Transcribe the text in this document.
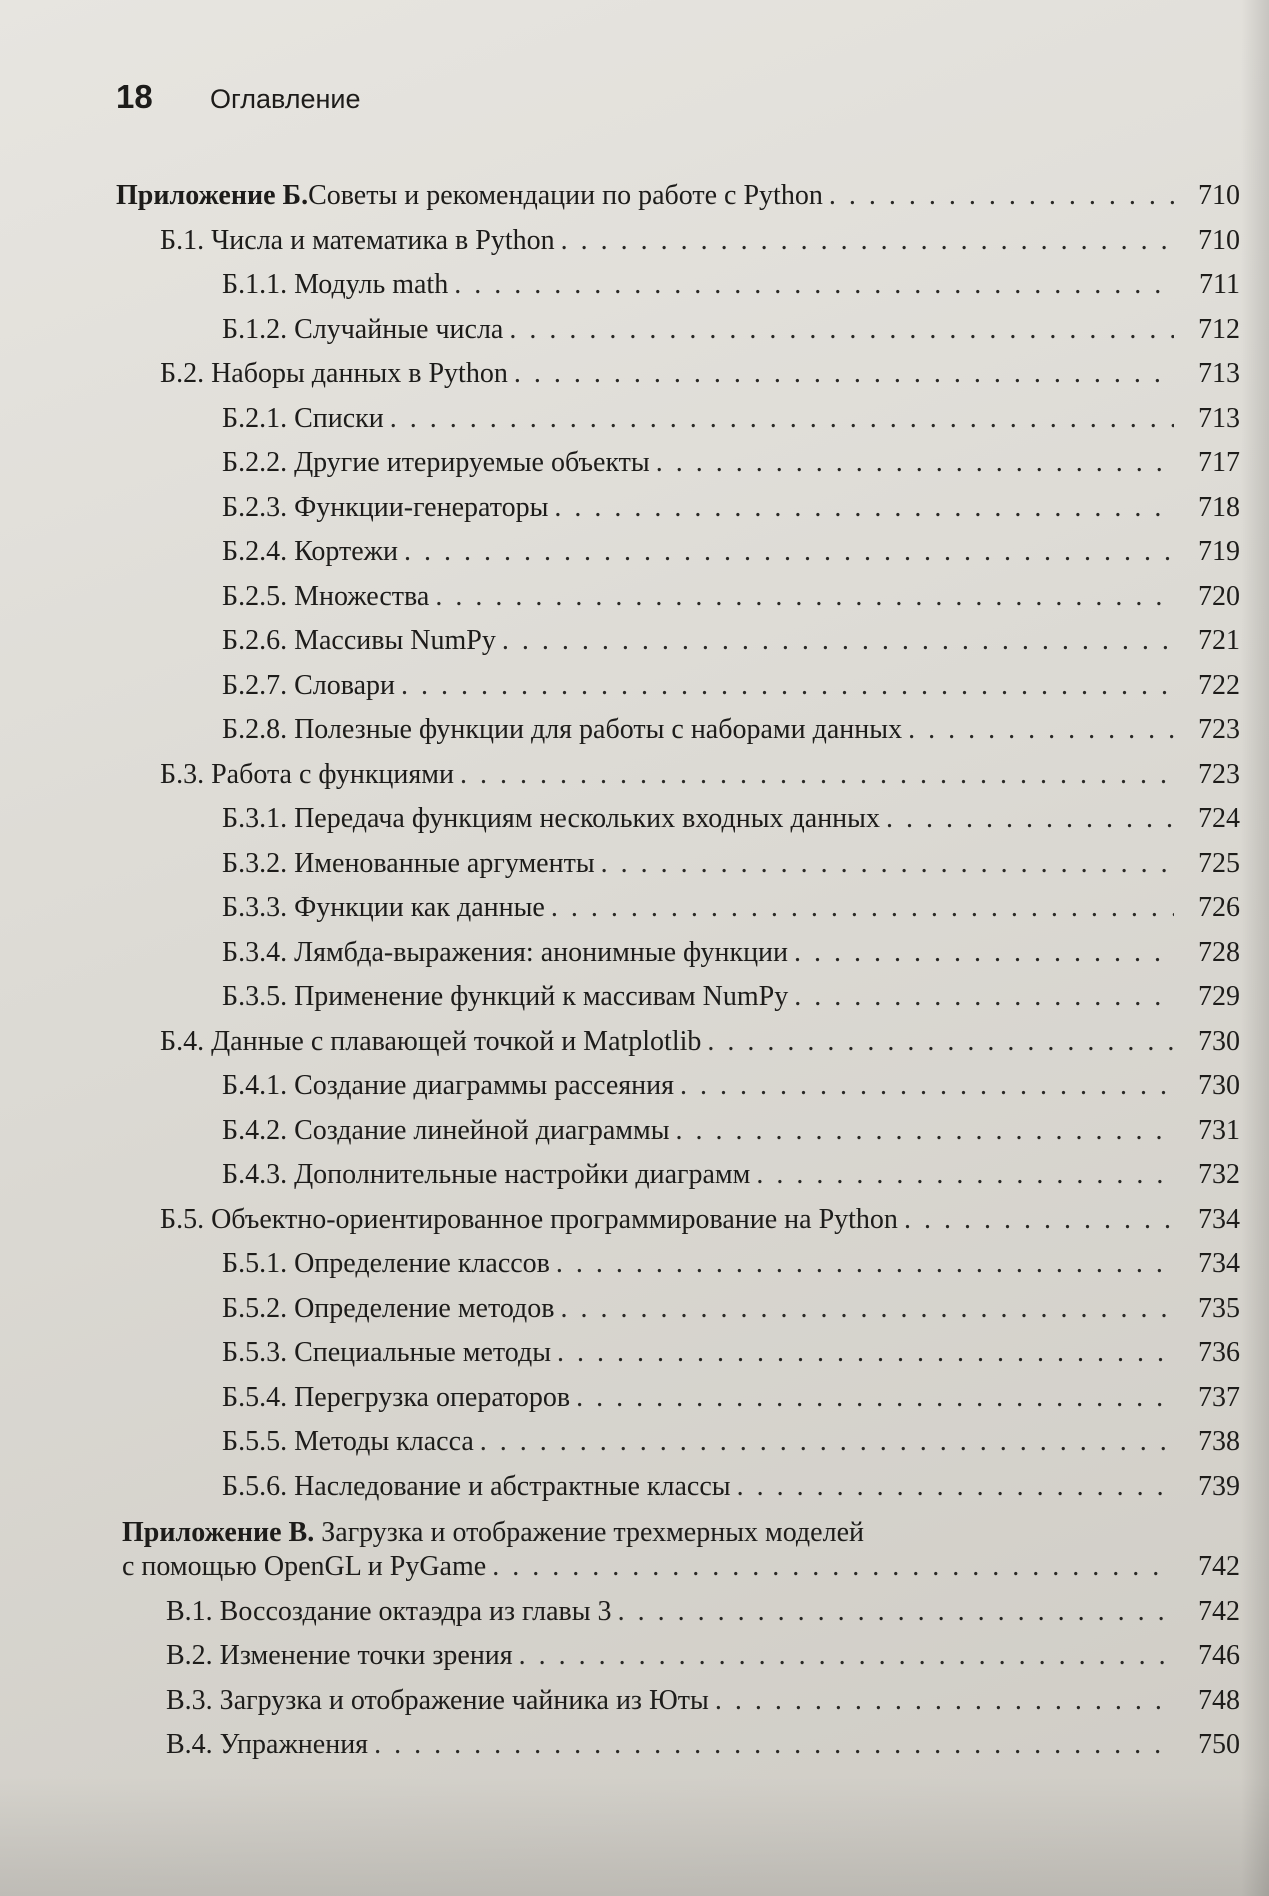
18	Оглавление
Приложение Б. Советы и рекомендации по работе с Python . . .	710
Б.1. Числа и математика в Python . . .	710
Б.1.1. Модуль math . . .	711
Б.1.2. Случайные числа . . .	712
Б.2. Наборы данных в Python . . .	713
Б.2.1. Списки . . .	713
Б.2.2. Другие итерируемые объекты . . .	717
Б.2.3. Функции-генераторы . . .	718
Б.2.4. Кортежи . . .	719
Б.2.5. Множества . . .	720
Б.2.6. Массивы NumPy . . .	721
Б.2.7. Словари . . .	722
Б.2.8. Полезные функции для работы с наборами данных . . .	723
Б.3. Работа с функциями . . .	723
Б.3.1. Передача функциям нескольких входных данных . . .	724
Б.3.2. Именованные аргументы . . .	725
Б.3.3. Функции как данные . . .	726
Б.3.4. Лямбда-выражения: анонимные функции . . .	728
Б.3.5. Применение функций к массивам NumPy . . .	729
Б.4. Данные с плавающей точкой и Matplotlib . . .	730
Б.4.1. Создание диаграммы рассеяния . . .	730
Б.4.2. Создание линейной диаграммы . . .	731
Б.4.3. Дополнительные настройки диаграмм . . .	732
Б.5. Объектно-ориентированное программирование на Python . . .	734
Б.5.1. Определение классов . . .	734
Б.5.2. Определение методов . . .	735
Б.5.3. Специальные методы . . .	736
Б.5.4. Перегрузка операторов . . .	737
Б.5.5. Методы класса . . .	738
Б.5.6. Наследование и абстрактные классы . . .	739
Приложение В. Загрузка и отображение трехмерных моделей
с помощью OpenGL и PyGame . . .	742
В.1. Воссоздание октаэдра из главы 3 . . .	742
В.2. Изменение точки зрения . . .	746
В.3. Загрузка и отображение чайника из Юты . . .	748
В.4. Упражнения . . .	750
